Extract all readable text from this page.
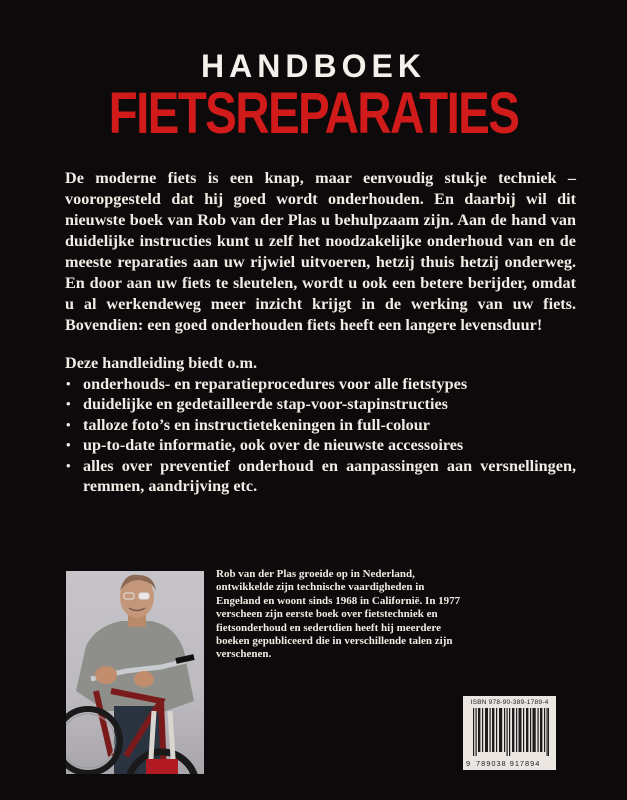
HANDBOEK
FIETSREPARATIES

De moderne fiets is een knap, maar eenvoudig stukje techniek – vooropgesteld dat hij goed wordt onderhouden. En daarbij wil dit nieuwste boek van Rob van der Plas u behulpzaam zijn. Aan de hand van duidelijke instructies kunt u zelf het noodzakelijke onderhoud van en de meeste reparaties aan uw rijwiel uitvoeren, hetzij thuis hetzij onderweg. En door aan uw fiets te sleutelen, wordt u ook een betere berijder, omdat u al werkendeweg meer inzicht krijgt in de werking van uw fiets. Bovendien: een goed onderhouden fiets heeft een langere levensduur!

Deze handleiding biedt o.m.
• onderhouds- en reparatieprocedures voor alle fietstypes
• duidelijke en gedetailleerde stap-voor-stapinstructies
• talloze foto’s en instructietekeningen in full-colour
• up-to-date informatie, ook over de nieuwste accessoires
• alles over preventief onderhoud en aanpassingen aan versnellingen, remmen, aandrijving etc.

Rob van der Plas groeide op in Nederland, ontwikkelde zijn technische vaardigheden in Engeland en woont sinds 1968 in Californië. In 1977 verscheen zijn eerste boek over fietstechniek en fietsonderhoud en sedertdien heeft hij meerdere boeken gepubliceerd die in verschillende talen zijn verschenen.

ISBN 978-90-389-1789-4
9 789038 917894
